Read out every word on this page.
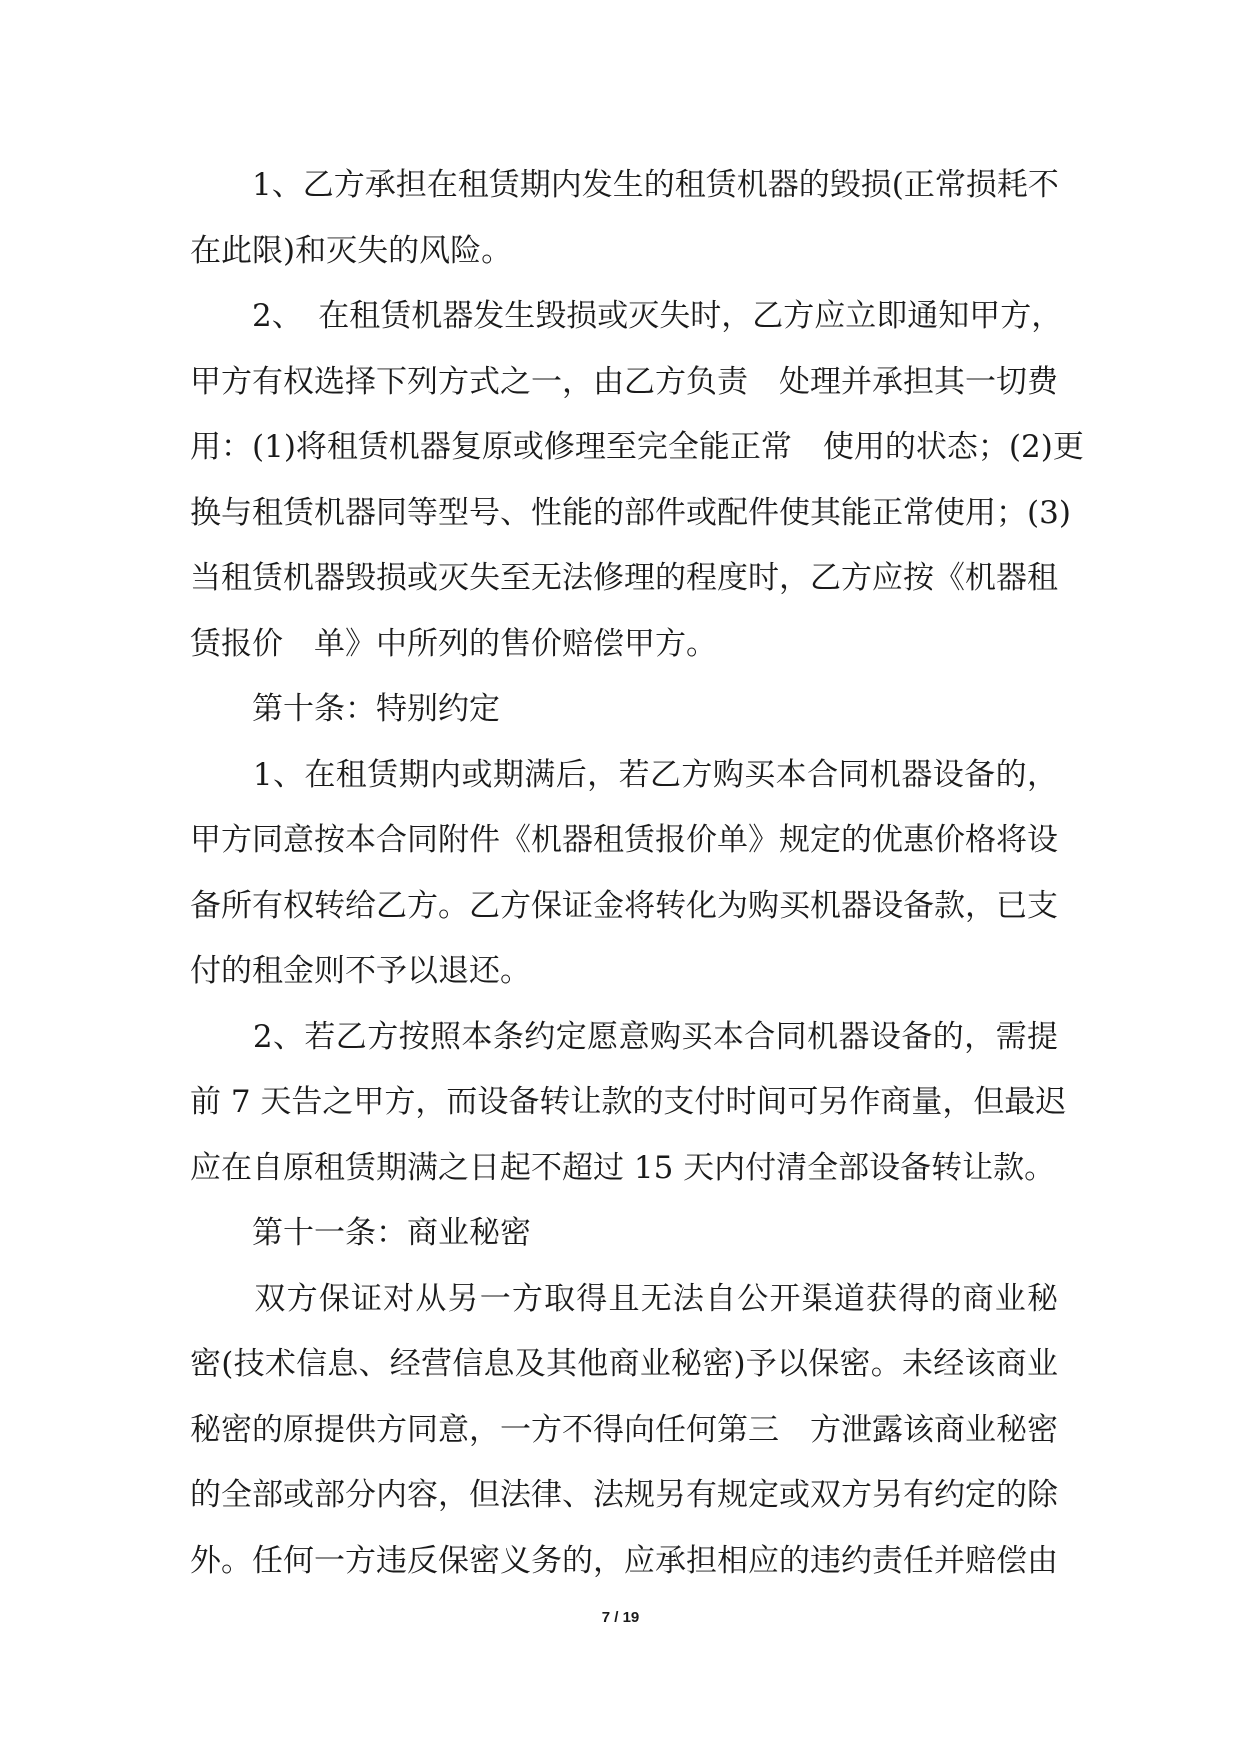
　　1、乙方承担在租赁期内发生的租赁机器的毁损(正常损耗不
在此限)和灭失的风险。

　　2、　在租赁机器发生毁损或灭失时，乙方应立即通知甲方，
甲方有权选择下列方式之一，由乙方负责　处理并承担其一切费
用：(1)将租赁机器复原或修理至完全能正常　使用的状态；(2)更
换与租赁机器同等型号、性能的部件或配件使其能正常使用；(3)
当租赁机器毁损或灭失至无法修理的程度时，乙方应按《机器租
赁报价　单》中所列的售价赔偿甲方。

　　第十条：特别约定

　　1、在租赁期内或期满后，若乙方购买本合同机器设备的，
甲方同意按本合同附件《机器租赁报价单》规定的优惠价格将设
备所有权转给乙方。乙方保证金将转化为购买机器设备款，已支
付的租金则不予以退还。

　　2、若乙方按照本条约定愿意购买本合同机器设备的，需提
前 7 天告之甲方，而设备转让款的支付时间可另作商量，但最迟
应在自原租赁期满之日起不超过 15 天内付清全部设备转让款。

　　第十一条：商业秘密

　　双方保证对从另一方取得且无法自公开渠道获得的商业秘
密(技术信息、经营信息及其他商业秘密)予以保密。未经该商业
秘密的原提供方同意，一方不得向任何第三　方泄露该商业秘密
的全部或部分内容，但法律、法规另有规定或双方另有约定的除
外。任何一方违反保密义务的，应承担相应的违约责任并赔偿由

7 / 19
